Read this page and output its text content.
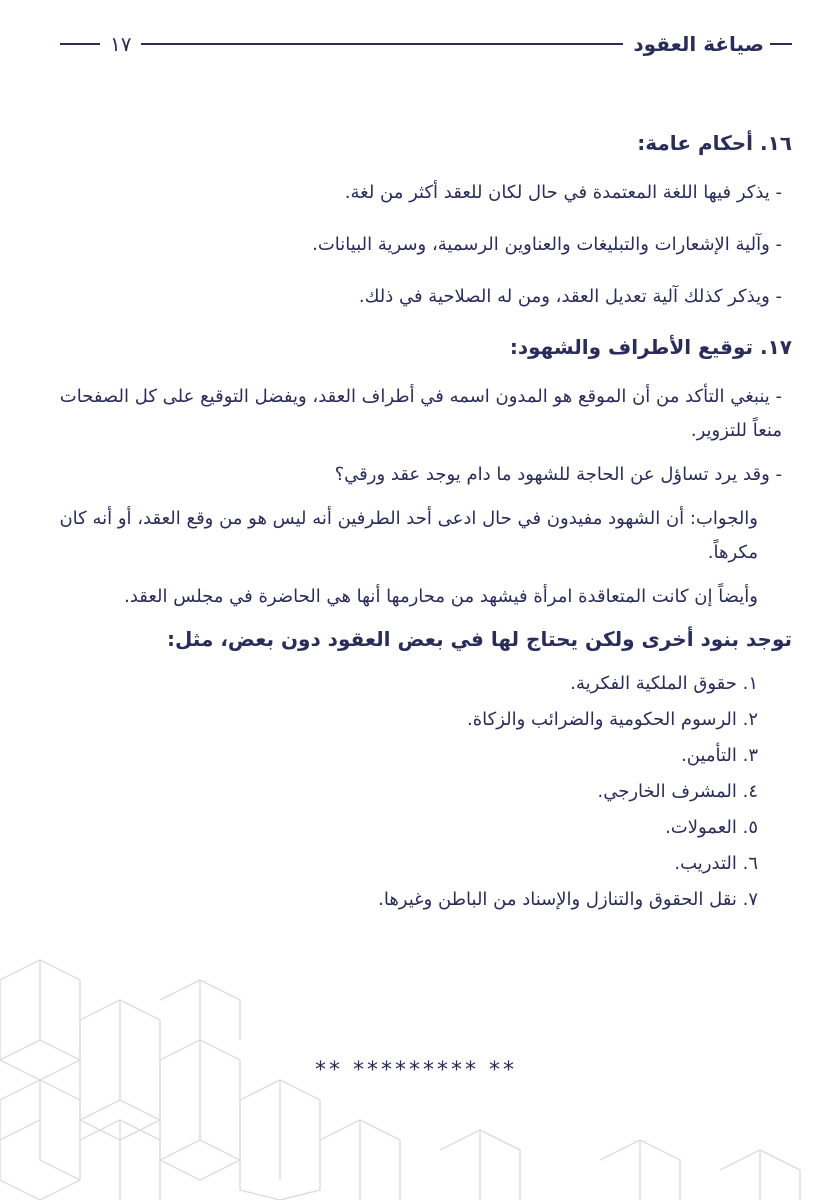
صياغة العقود
١٧
١٦. أحكام عامة:

- يذكر فيها اللغة المعتمدة في حال لكان للعقد أكثر من لغة.

- وآلية الإشعارات والتبليغات والعناوين الرسمية، وسرية البيانات.

- ويذكر كذلك آلية تعديل العقد، ومن له الصلاحية في ذلك.

١٧. توقيع الأطراف والشهود:

- ينبغي التأكد من أن الموقع هو المدون اسمه في أطراف العقد، ويفضل التوقيع على كل الصفحات منعاً للتزوير.

- وقد يرد تساؤل عن الحاجة للشهود ما دام يوجد عقد ورقي؟

والجواب: أن الشهود مفيدون في حال ادعى أحد الطرفين أنه ليس هو من وقع العقد، أو أنه كان مكرهاً.

وأيضاً إن كانت المتعاقدة امرأة فيشهد من محارمها أنها هي الحاضرة في مجلس العقد.

توجد بنود أخرى ولكن يحتاج لها في بعض العقود دون بعض، مثل:
١. حقوق الملكية الفكرية.
٢. الرسوم الحكومية والضرائب والزكاة.
٣. التأمين.
٤. المشرف الخارجي.
٥. العمولات.
٦. التدريب.
٧. نقل الحقوق والتنازل والإسناد من الباطن وغيرها.
** ********* **
